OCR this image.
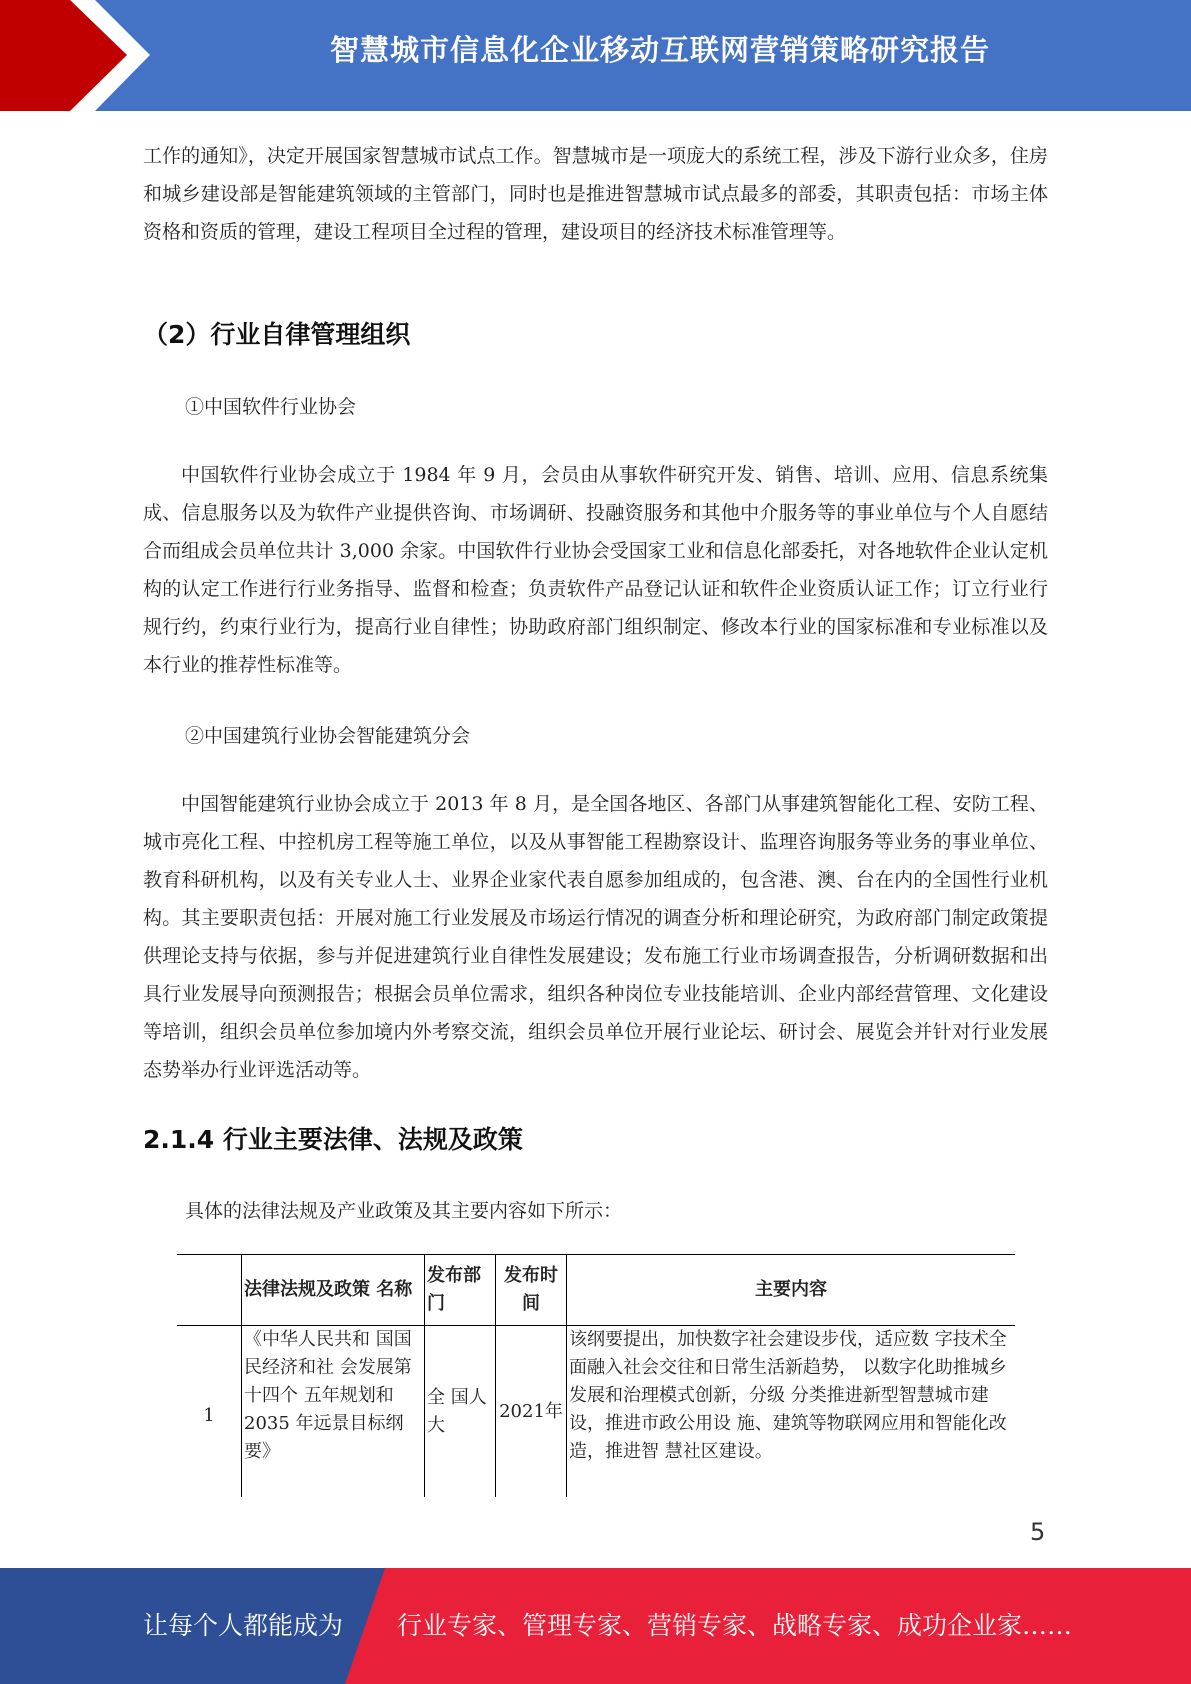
智慧城市信息化企业移动互联网营销策略研究报告

工作的通知》，决定开展国家智慧城市试点工作。智慧城市是一项庞大的系统工程，涉及下游行业众多，住房和城乡建设部是智能建筑领域的主管部门，同时也是推进智慧城市试点最多的部委，其职责包括：市场主体资格和资质的管理，建设工程项目全过程的管理，建设项目的经济技术标准管理等。

（2）行业自律管理组织
①中国软件行业协会

中国软件行业协会成立于 1984 年 9 月，会员由从事软件研究开发、销售、培训、应用、信息系统集成、信息服务以及为软件产业提供咨询、市场调研、投融资服务和其他中介服务等的事业单位与个人自愿结合而组成会员单位共计 3,000 余家。中国软件行业协会受国家工业和信息化部委托，对各地软件企业认定机构的认定工作进行行业务指导、监督和检查；负责软件产品登记认证和软件企业资质认证工作；订立行业行规行约，约束行业行为，提高行业自律性；协助政府部门组织制定、修改本行业的国家标准和专业标准以及本行业的推荐性标准等。

②中国建筑行业协会智能建筑分会

中国智能建筑行业协会成立于 2013 年 8 月，是全国各地区、各部门从事建筑智能化工程、安防工程、城市亮化工程、中控机房工程等施工单位，以及从事智能工程勘察设计、监理咨询服务等业务的事业单位、教育科研机构，以及有关专业人士、业界企业家代表自愿参加组成的，包含港、澳、台在内的全国性行业机构。其主要职责包括：开展对施工行业发展及市场运行情况的调查分析和理论研究，为政府部门制定政策提供理论支持与依据，参与并促进建筑行业自律性发展建设；发布施工行业市场调查报告，分析调研数据和出具行业发展导向预测报告；根据会员单位需求，组织各种岗位专业技能培训、企业内部经营管理、文化建设等培训，组织会员单位参加境内外考察交流，组织会员单位开展行业论坛、研讨会、展览会并针对行业发展态势举办行业评选活动等。

2.1.4 行业主要法律、法规及政策
具体的法律法规及产业政策及其主要内容如下所示：
	法律法规及政策 名称	发布部门	发布时间	主要内容
1	《中华人民共和 国国民经济和社 会发展第十四个 五年规划和 2035 年远景目标纲 要》	全 国人大	2021年	该纲要提出，加快数字社会建设步伐，适应数 字技术全面融入社会交往和日常生活新趋势， 以数字化助推城乡发展和治理模式创新，分级 分类推进新型智慧城市建设，推进市政公用设 施、建筑等物联网应用和智能化改造，推进智 慧社区建设。
5
让每个人都能成为 行业专家、管理专家、营销专家、战略专家、成功企业家……
